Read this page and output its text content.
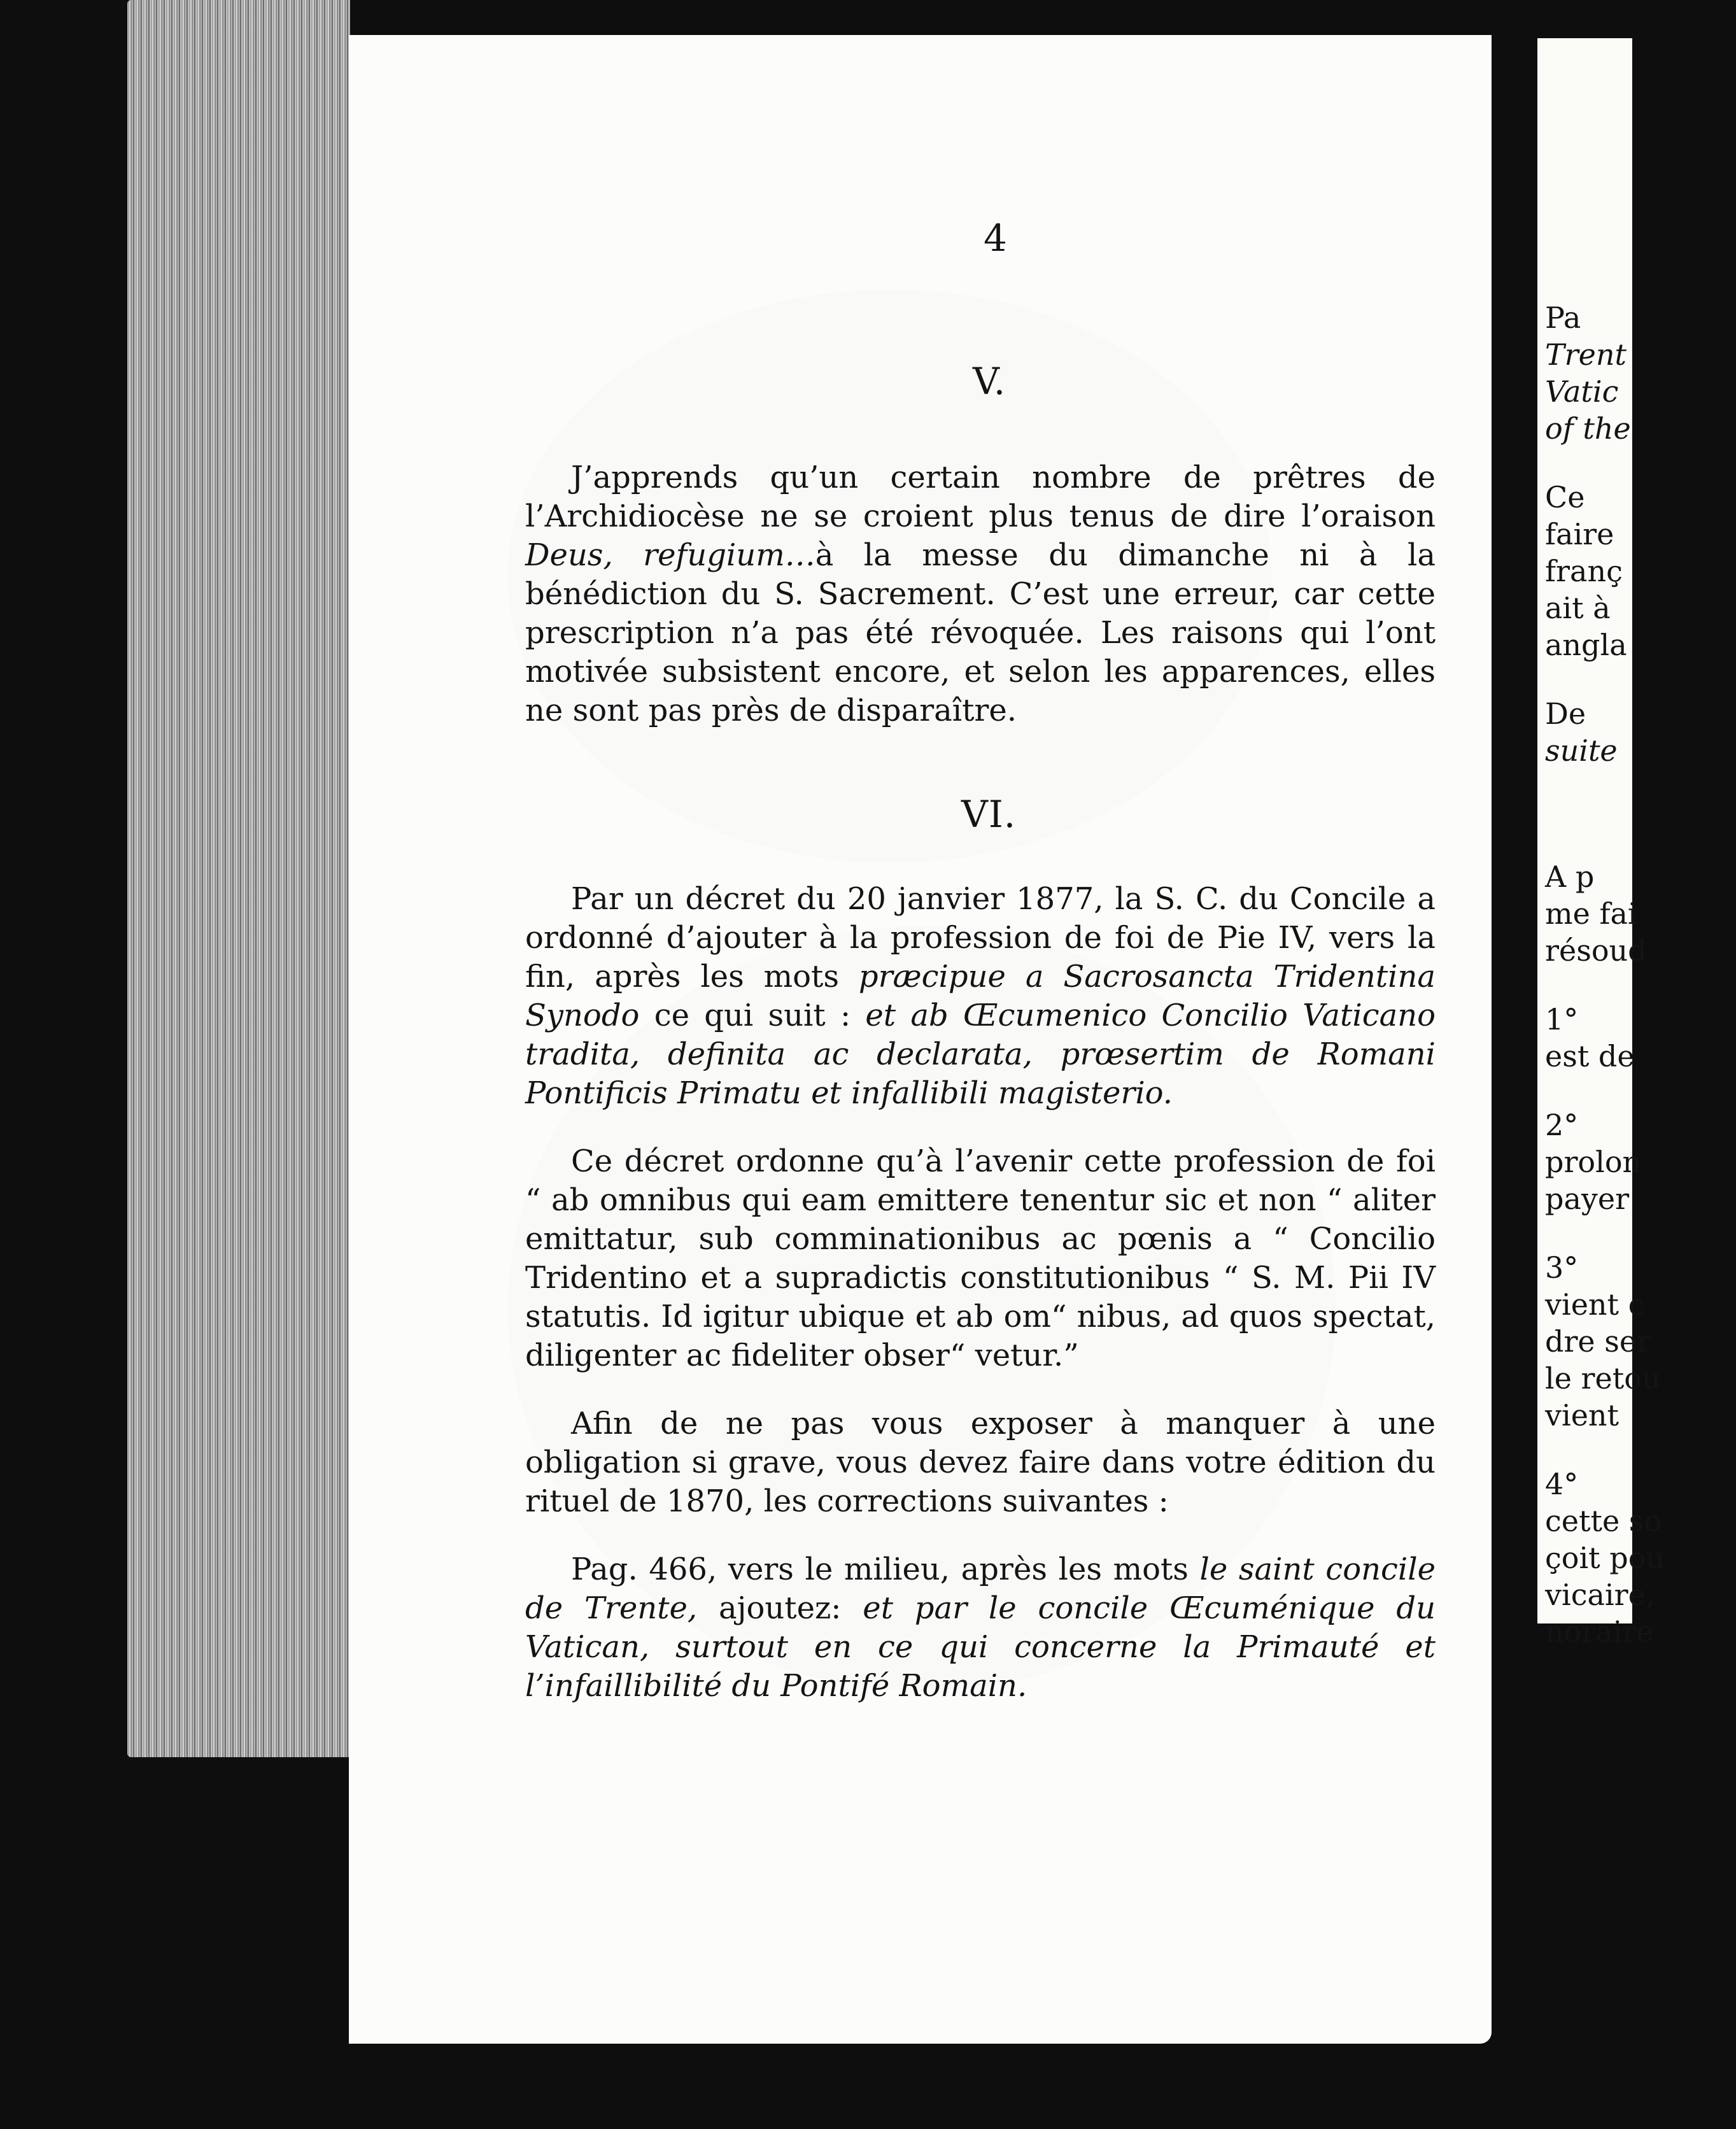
Pa
Trent
Vatic
of the
Ce
faire
franç
ait à
angla
De
suite
A p
me fai
résoud
1°
est de
2°
prolon
payer
3°
vient c
dre ser
le retou
vient
4°
cette so
çoit pou
vicaire,
noraire
4
V.
VI.

J’apprends qu’un certain nombre de prêtres de l’Archidiocèse ne se croient plus tenus de dire l’oraison Deus, refugium…à la messe du dimanche ni à la bénédiction du S. Sacrement. C’est une erreur, car cette prescription n’a pas été révoquée. Les raisons qui l’ont motivée subsistent encore, et selon les apparences, elles ne sont pas près de disparaître.

Par un décret du 20 janvier 1877, la S. C. du Concile a ordonné d’ajouter à la profession de foi de Pie IV, vers la fin, après les mots præcipue a Sacrosancta Tridentina Synodo ce qui suit : et ab Œcumenico Concilio Vaticano tradita, definita ac declarata, prœsertim de Romani Pontificis Primatu et infallibili magisterio.

Ce décret ordonne qu’à l’avenir cette profession de foi “ ab omnibus qui eam emittere tenentur sic et non “ aliter emittatur, sub comminationibus ac pœnis a “ Concilio Tridentino et a supradictis constitutionibus “ S. M. Pii IV statutis. Id igitur ubique et ab om“ nibus, ad quos spectat, diligenter ac fideliter obser“ vetur.”

Afin de ne pas vous exposer à manquer à une obligation si grave, vous devez faire dans votre édition du rituel de 1870, les corrections suivantes :

Pag. 466, vers le milieu, après les mots le saint concile de Trente, ajoutez: et par le concile Œcuménique du Vatican, surtout en ce qui concerne la Primauté et l’infaillibilité du Pontifé Romain.
